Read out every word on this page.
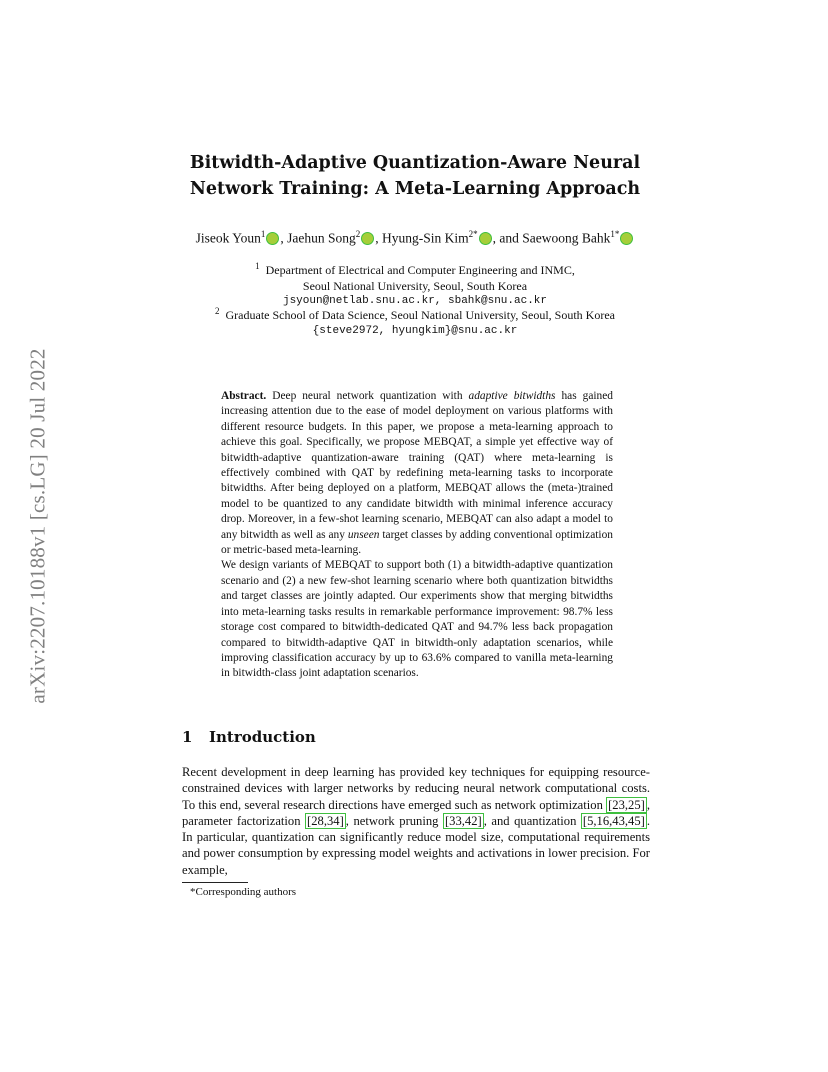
arXiv:2207.10188v1 [cs.LG] 20 Jul 2022
Bitwidth-Adaptive Quantization-Aware Neural
Network Training: A Meta-Learning Approach
Jiseok Youn$^1$ , Jaehun Song$^2$ , Hyung-Sin Kim$^{2*}$ , and Saewoong Bahk$^{1*}$
$^1$ Department of Electrical and Computer Engineering and INMC,
Seoul National University, Seoul, South Korea
jsyoun@netlab.snu.ac.kr, sbahk@snu.ac.kr
$^2$ Graduate School of Data Science, Seoul National University, Seoul, South Korea
{steve2972, hyungkim}@snu.ac.kr

Abstract. Deep neural network quantization with adaptive bitwidths has gained increasing attention due to the ease of model deployment on various platforms with different resource budgets. In this paper, we propose a meta-learning approach to achieve this goal. Specifically, we propose MEBQAT, a simple yet effective way of bitwidth-adaptive quantization-aware training (QAT) where meta-learning is effectively combined with QAT by redefining meta-learning tasks to incorporate bitwidths. After being deployed on a platform, MEBQAT allows the (meta-)trained model to be quantized to any candidate bitwidth with minimal inference accuracy drop. Moreover, in a few-shot learning scenario, MEBQAT can also adapt a model to any bitwidth as well as any unseen target classes by adding conventional optimization or metric-based meta-learning.

We design variants of MEBQAT to support both (1) a bitwidth-adaptive quantization scenario and (2) a new few-shot learning scenario where both quantization bitwidths and target classes are jointly adapted. Our experiments show that merging bitwidths into meta-learning tasks results in remarkable performance improvement: 98.7% less storage cost compared to bitwidth-dedicated QAT and 94.7% less back propagation compared to bitwidth-adaptive QAT in bitwidth-only adaptation scenarios, while improving classification accuracy by up to 63.6% compared to vanilla meta-learning in bitwidth-class joint adaptation scenarios.

1 Introduction

Recent development in deep learning has provided key techniques for equipping resource-constrained devices with larger networks by reducing neural network computational costs. To this end, several research directions have emerged such as network optimization [23,25] , parameter factorization [28,34] , network pruning [33,42] , and quantization [5,16,43,45] . In particular, quantization can significantly reduce model size, computational requirements and power consumption by expressing model weights and activations in lower precision. For example,

*Corresponding authors
